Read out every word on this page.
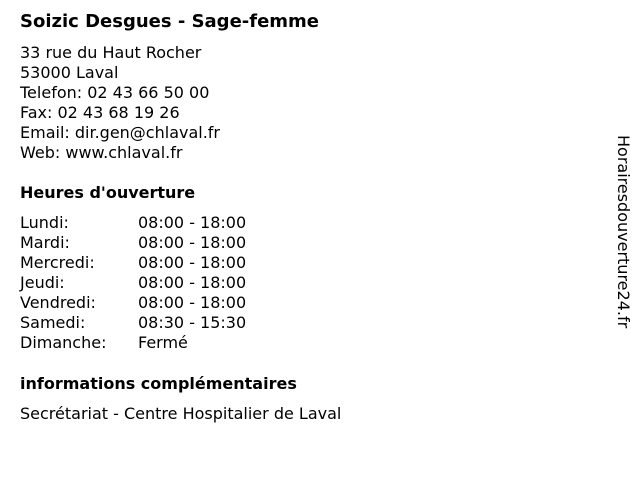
Soizic Desgues - Sage-femme
33 rue du Haut Rocher
53000 Laval
Telefon: 02 43 66 50 00
Fax: 02 43 68 19 26
Email: dir.gen@chlaval.fr
Web: www.chlaval.fr
Heures d'ouverture
Lundi:	08:00 - 18:00
Mardi:	08:00 - 18:00
Mercredi:	08:00 - 18:00
Jeudi:	08:00 - 18:00
Vendredi:	08:00 - 18:00
Samedi:	08:30 - 15:30
Dimanche:	Fermé
informations complémentaires
Secrétariat - Centre Hospitalier de Laval
Horairesdouverture24.fr
